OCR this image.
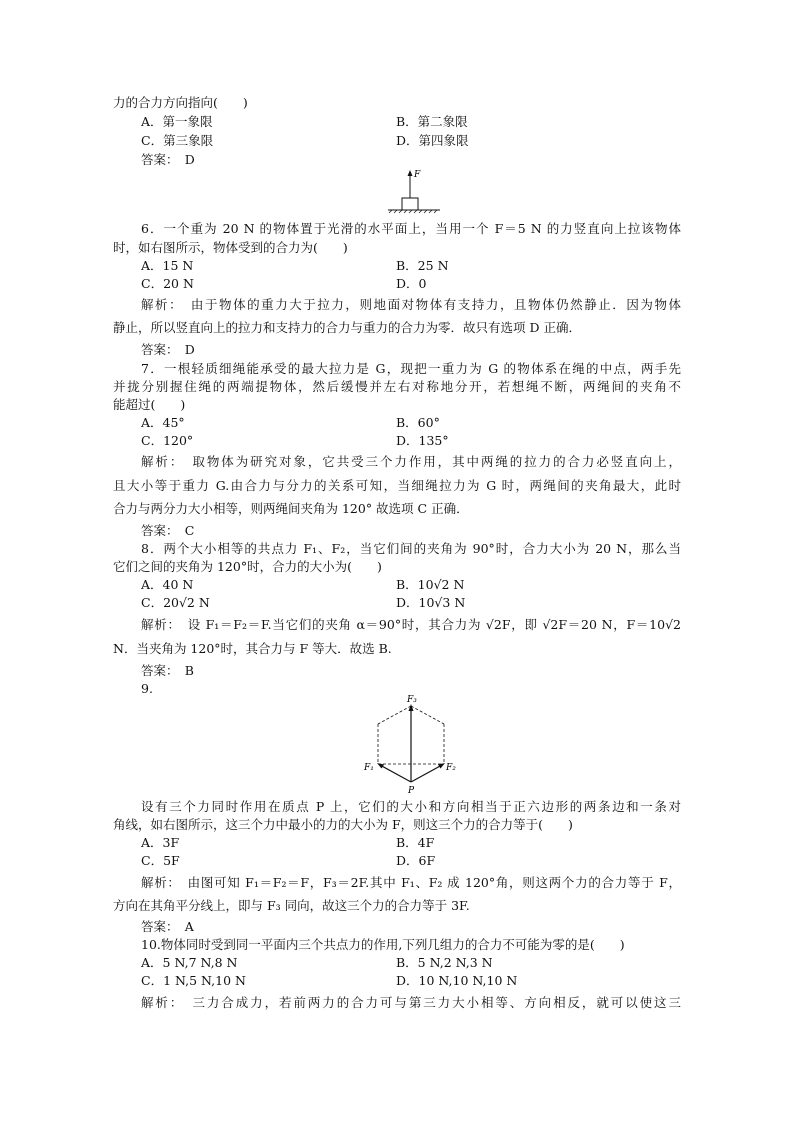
力的合力方向指向(　　)
A．第一象限	B．第二象限
C．第三象限	D．第四象限
答案：　D
F
6．一个重为 20 N 的物体置于光滑的水平面上，当用一个 F＝5 N 的力竖直向上拉该物体
时，如右图所示，物体受到的合力为(　　)
A．15 N	B．25 N
C．20 N	D．0
解析：　由于物体的重力大于拉力，则地面对物体有支持力，且物体仍然静止．因为物体
静止，所以竖直向上的拉力和支持力的合力与重力的合力为零．故只有选项 D 正确．
答案：　D
7．一根轻质细绳能承受的最大拉力是 G，现把一重力为 G 的物体系在绳的中点，两手先
并拢分别握住绳的两端提物体，然后缓慢并左右对称地分开，若想绳不断，两绳间的夹角不
能超过(　　)
A．45°	B．60°
C．120°	D．135°
解析：　取物体为研究对象，它共受三个力作用，其中两绳的拉力的合力必竖直向上，
且大小等于重力 G.由合力与分力的关系可知，当细绳拉力为 G 时，两绳间的夹角最大，此时
合力与两分力大小相等，则两绳间夹角为 120° 故选项 C 正确．
答案：　C
8．两个大小相等的共点力 F₁、F₂，当它们间的夹角为 90°时，合力大小为 20 N，那么当
它们之间的夹角为 120°时，合力的大小为(　　)
A．40 N	B．10√2 N
C．20√2 N	D．10√3 N
解析：　设 F₁＝F₂＝F.当它们的夹角 α＝90°时，其合力为 √2F，即 √2F＝20 N，F＝10√2
N．当夹角为 120°时，其合力与 F 等大．故选 B.
答案：　B
9.
F₃
F₁	F₂
P
设有三个力同时作用在质点 P 上，它们的大小和方向相当于正六边形的两条边和一条对
角线，如右图所示，这三个力中最小的力的大小为 F，则这三个力的合力等于(　　)
A．3F	B．4F
C．5F	D．6F
解析：　由图可知 F₁＝F₂＝F，F₃＝2F.其中 F₁、F₂ 成 120°角，则这两个力的合力等于 F，
方向在其角平分线上，即与 F₃ 同向，故这三个力的合力等于 3F.
答案：　A
10.物体同时受到同一平面内三个共点力的作用,下列几组力的合力不可能为零的是(　　)
A．5 N,7 N,8 N	B．5 N,2 N,3 N
C．1 N,5 N,10 N	D．10 N,10 N,10 N
解析：　三力合成力，若前两力的合力可与第三力大小相等、方向相反，就可以使这三
